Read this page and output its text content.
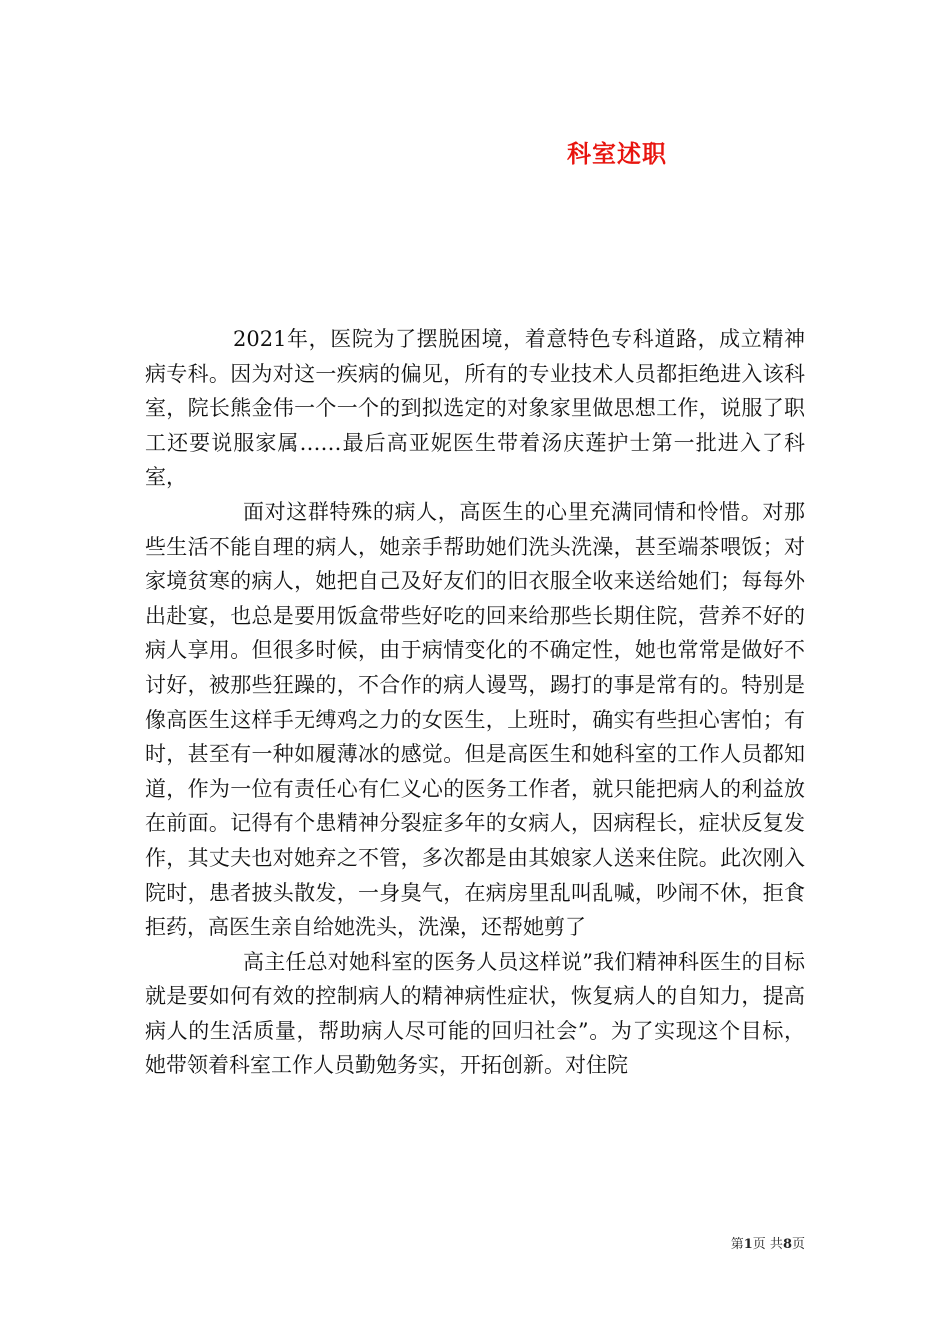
科室述职

2021年，医院为了摆脱困境，着意特色专科道路，成立精神病专科。因为对这一疾病的偏见，所有的专业技术人员都拒绝进入该科室，院长熊金伟一个一个的到拟选定的对象家里做思想工作，说服了职工还要说服家属……最后高亚妮医生带着汤庆莲护士第一批进入了科室，

面对这群特殊的病人，高医生的心里充满同情和怜惜。对那些生活不能自理的病人，她亲手帮助她们洗头洗澡，甚至端茶喂饭；对家境贫寒的病人，她把自己及好友们的旧衣服全收来送给她们；每每外出赴宴，也总是要用饭盒带些好吃的回来给那些长期住院，营养不好的病人享用。但很多时候，由于病情变化的不确定性，她也常常是做好不讨好，被那些狂躁的，不合作的病人谩骂，踢打的事是常有的。特别是像高医生这样手无缚鸡之力的女医生，上班时，确实有些担心害怕；有时，甚至有一种如履薄冰的感觉。但是高医生和她科室的工作人员都知道，作为一位有责任心有仁义心的医务工作者，就只能把病人的利益放在前面。记得有个患精神分裂症多年的女病人，因病程长，症状反复发作，其丈夫也对她弃之不管，多次都是由其娘家人送来住院。此次刚入院时，患者披头散发，一身臭气，在病房里乱叫乱喊，吵闹不休，拒食拒药，高医生亲自给她洗头，洗澡，还帮她剪了

高主任总对她科室的医务人员这样说”我们精神科医生的目标就是要如何有效的控制病人的精神病性症状，恢复病人的自知力，提高病人的生活质量，帮助病人尽可能的回归社会”。为了实现这个目标，她带领着科室工作人员勤勉务实，开拓创新。对住院

第1页 共8页
